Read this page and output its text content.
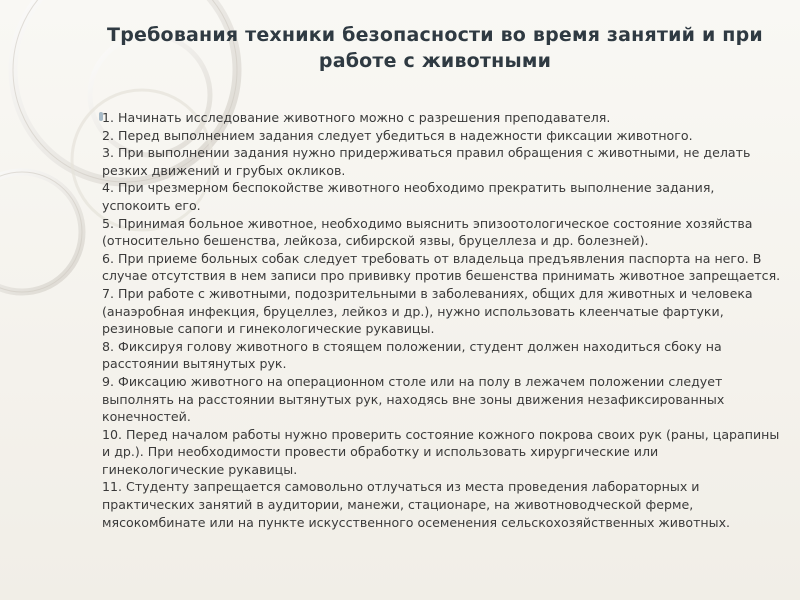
Требования техники безопасности во время занятий и при работе с животными
1. Начинать исследование животного можно с разрешения преподавателя.
2. Перед выполнением задания следует убедиться в надежности фиксации животного.
3. При выполнении задания нужно придерживаться правил обращения с животными, не делать резких движений и грубых окликов.
4. При чрезмерном беспокойстве животного необходимо прекратить выполнение задания, успокоить его.
5. Принимая больное животное, необходимо выяснить эпизоотологическое состояние хозяйства (относительно бешенства, лейкоза, сибирской язвы, бруцеллеза и др. болезней).
6. При приеме больных собак следует требовать от владельца предъявления паспорта на него. В случае отсутствия в нем записи про прививку против бешенства принимать животное запрещается.
7. При работе с животными, подозрительными в заболеваниях, общих для животных и человека (анаэробная инфекция, бруцеллез, лейкоз и др.), нужно использовать клеенчатые фартуки, резиновые сапоги и гинекологические рукавицы.
8. Фиксируя голову животного в стоящем положении, студент должен находиться сбоку на расстоянии вытянутых рук.
9. Фиксацию животного на операционном столе или на полу в лежачем положении следует выполнять на расстоянии вытянутых рук, находясь вне зоны движения незафиксированных конечностей.
10. Перед началом работы нужно проверить состояние кожного покрова своих рук (раны, царапины и др.). При необходимости провести обработку и использовать хирургические или гинекологические рукавицы.
11. Студенту запрещается самовольно отлучаться из места проведения лабораторных и практических занятий в аудитории, манежи, стационаре, на животноводческой ферме, мясокомбинате или на пункте искусственного осеменения сельскохозяйственных животных.
